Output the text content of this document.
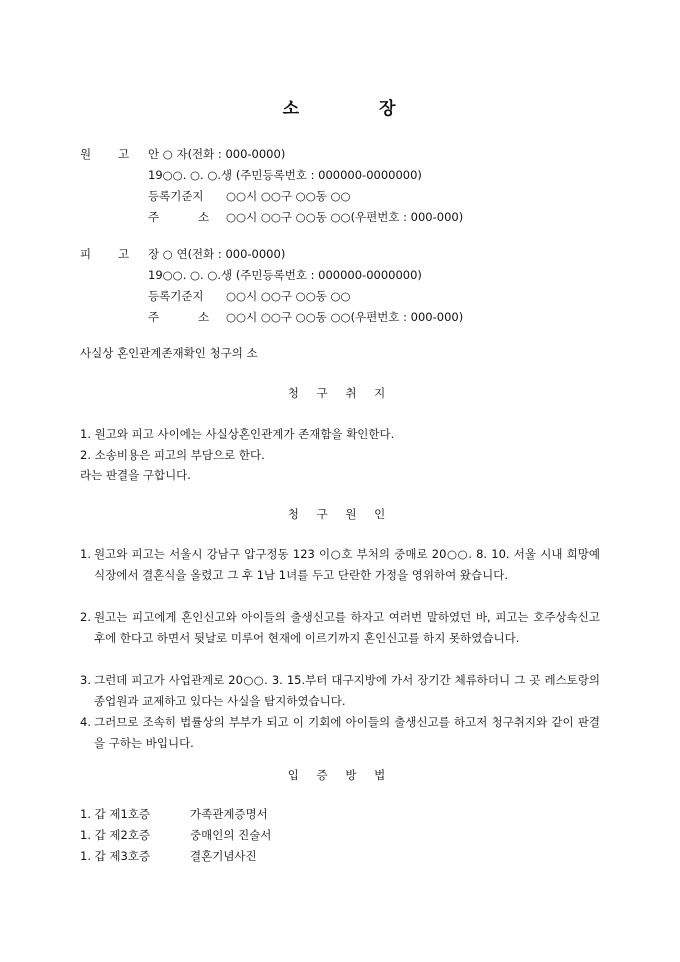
소	장
원 고	안 ○ 자(전화 : 000-0000)
19○○. ○. ○.생 (주민등록번호 : 000000-0000000)
등록기준지 ○○시 ○○구 ○○동 ○○
주	소 ○○시 ○○구 ○○동 ○○(우편번호 : 000-000)
피 고	장 ○ 연(전화 : 000-0000)
19○○. ○. ○.생 (주민등록번호 : 000000-0000000)
등록기준지 ○○시 ○○구 ○○동 ○○
주	소 ○○시 ○○구 ○○동 ○○(우편번호 : 000-000)
사실상 혼인관계존재확인 청구의 소
청 구 취 지
1. 원고와 피고 사이에는 사실상혼인관계가 존재함을 확인한다.
2. 소송비용은 피고의 부담으로 한다.
라는 판결을 구합니다.
청 구 원 인
1. 원고와 피고는 서울시 강남구 압구정동 123 이○호 부처의 중매로 20○○. 8. 10. 서울 시내 희망예식장에서 결혼식을 올렸고 그 후 1남 1녀를 두고 단란한 가정을 영위하여 왔습니다.
2. 원고는 피고에게 혼인신고와 아이들의 출생신고를 하자고 여러번 말하였던 바, 피고는 호주상속신고 후에 한다고 하면서 뒷날로 미루어 현재에 이르기까지 혼인신고를 하지 못하였습니다.
3. 그런데 피고가 사업관계로 20○○. 3. 15.부터 대구지방에 가서 장기간 체류하더니 그 곳 레스토랑의 종업원과 교제하고 있다는 사실을 탐지하였습니다.
4. 그러므로 조속히 법률상의 부부가 되고 이 기회에 아이들의 출생신고를 하고저 청구취지와 같이 판결을 구하는 바입니다.
입 증 방 법
1. 갑 제1호증	가족관계증명서
1. 갑 제2호증	중매인의 진술서
1. 갑 제3호증	결혼기념사진
